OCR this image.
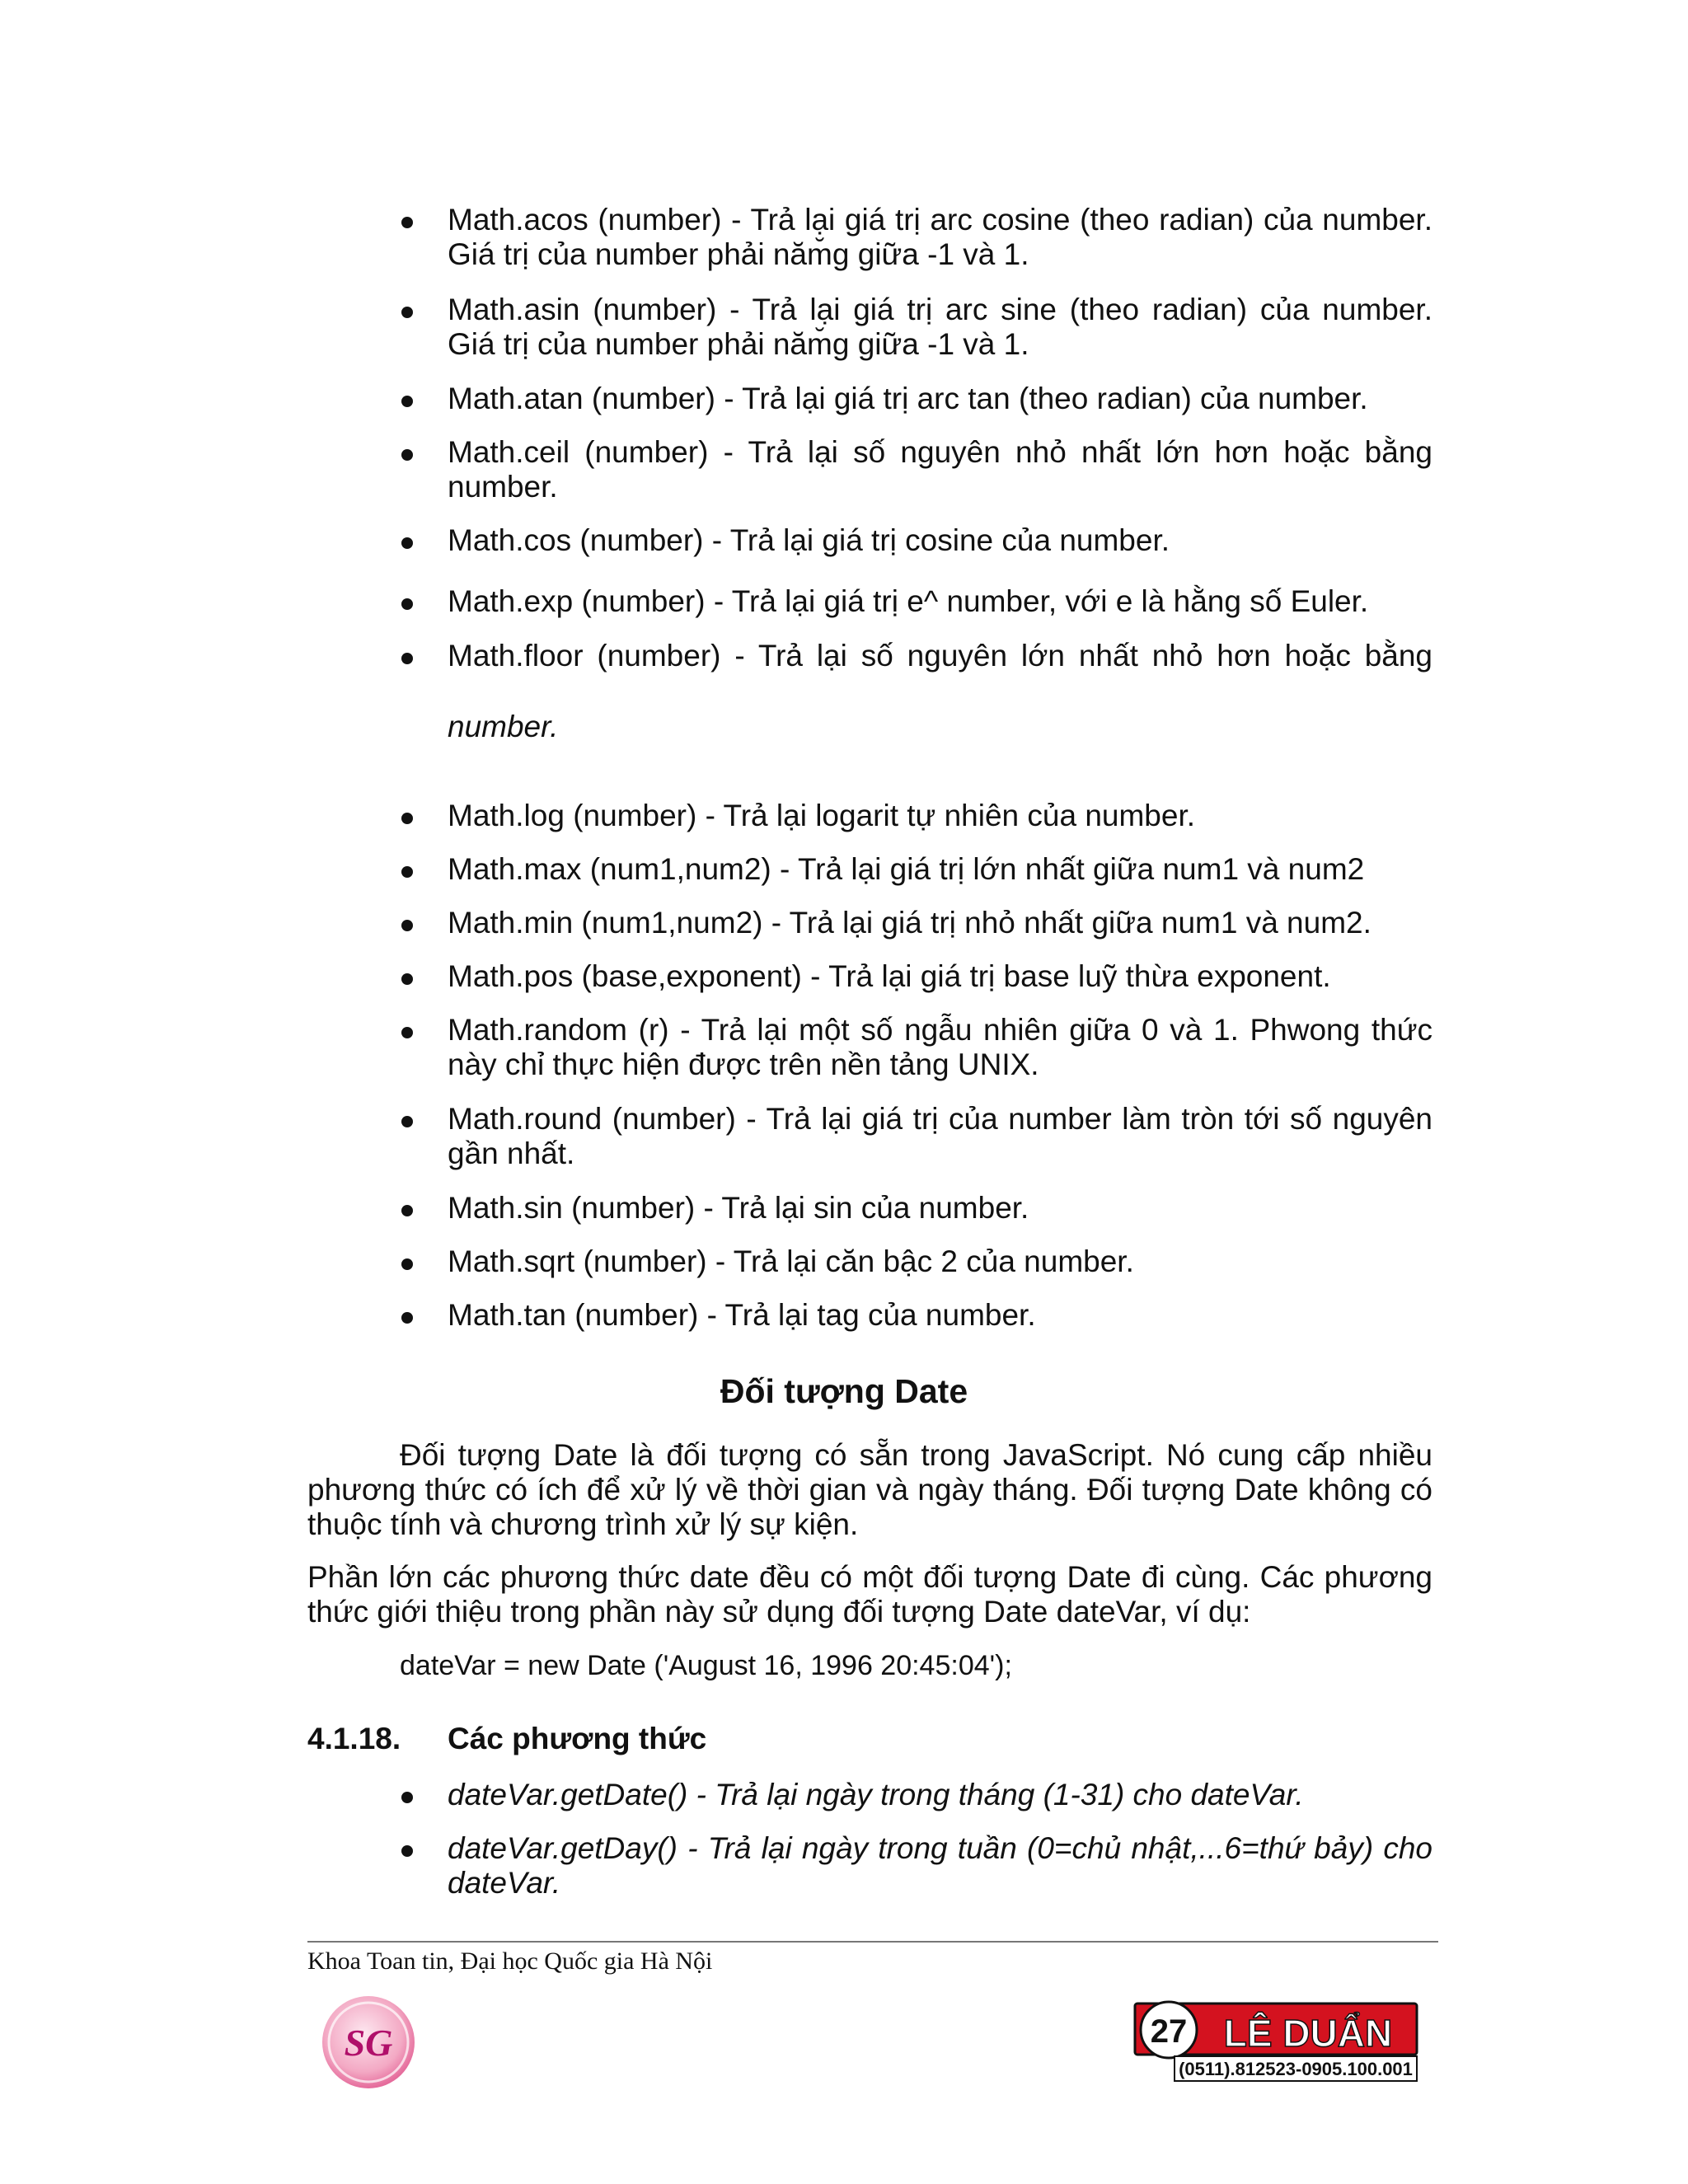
Math.acos (number) - Trả lại giá trị arc cosine (theo radian) của number. Giá trị của number phải năm̆g giữa -1 và 1.
Math.asin (number) - Trả lại giá trị arc sine (theo radian) của number. Giá trị của number phải năm̆g giữa -1 và 1.
Math.atan (number) - Trả lại giá trị arc tan (theo radian) của number.
Math.ceil (number) - Trả lại số nguyên nhỏ nhất lớn hơn hoặc bằng number.
Math.cos (number) - Trả lại giá trị cosine của number.
Math.exp (number) - Trả lại giá trị e^ number, với e là hằng số Euler.
Math.floor (number) - Trả lại số nguyên lớn nhất nhỏ hơn hoặc bằng
number.
Math.log (number) - Trả lại logarit tự nhiên của number.
Math.max (num1,num2) - Trả lại giá trị lớn nhất giữa num1 và num2
Math.min (num1,num2) - Trả lại giá trị nhỏ nhất giữa num1 và num2.
Math.pos (base,exponent) - Trả lại giá trị base luỹ thừa exponent.
Math.random (r) - Trả lại một số ngẫu nhiên giữa 0 và 1. Phwong thức này chỉ thực hiện được trên nền tảng UNIX.
Math.round (number) - Trả lại giá trị của number làm tròn tới số nguyên gần nhất.
Math.sin (number) - Trả lại sin của number.
Math.sqrt (number) - Trả lại căn bậc 2 của number.
Math.tan (number) - Trả lại tag của number.
Đối tượng Date
Đối tượng Date là đối tượng có sẵn trong JavaScript. Nó cung cấp nhiều phương thức có ích để xử lý về thời gian và ngày tháng. Đối tượng Date không có thuộc tính và chương trình xử lý sự kiện.
Phần lớn các phương thức date đều có một đối tượng Date đi cùng. Các phương thức giới thiệu trong phần này sử dụng đối tượng Date dateVar, ví dụ:
dateVar = new Date ('August 16, 1996 20:45:04');
4.1.18. Các phương thức
dateVar.getDate() - Trả lại ngày trong tháng (1-31) cho dateVar.
dateVar.getDay() - Trả lại ngày trong tuần (0=chủ nhật,...6=thứ bảy) cho dateVar.
Khoa Toan tin, Đại học Quốc gia Hà Nội
SG	27 LÊ DUẨN
(0511).812523-0905.100.001
